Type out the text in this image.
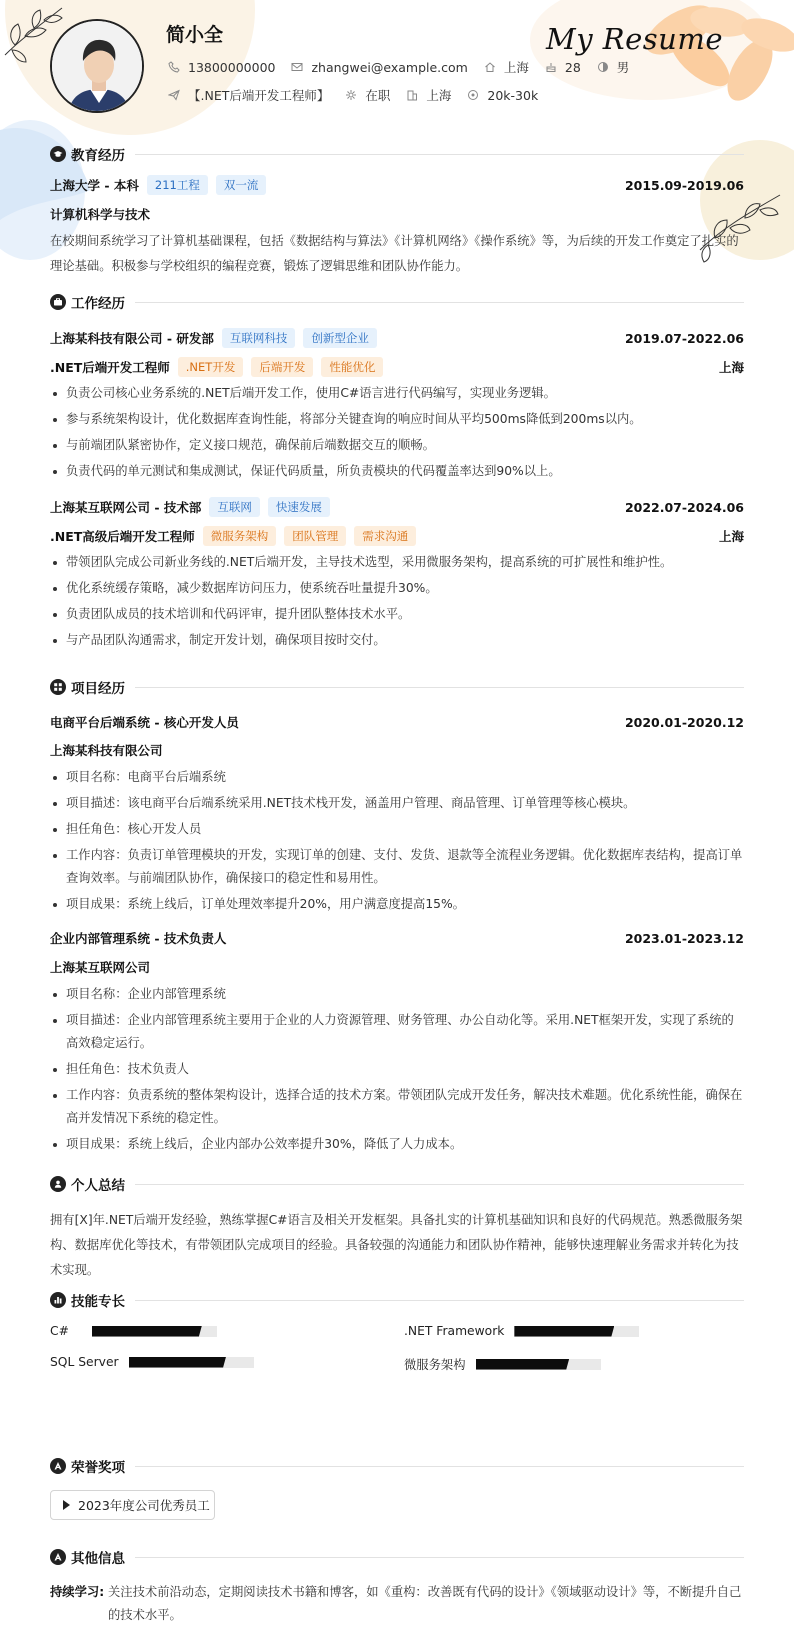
简小全	My Resume
13800000000	zhangwei@example.com	上海	28	男
【.NET后端开发工程师】	在职	上海	20k-30k
教育经历
上海大学 - 本科	211工程	双一流	2015.09-2019.06
计算机科学与技术
在校期间系统学习了计算机基础课程，包括《数据结构与算法》《计算机网络》《操作系统》等，为后续的开发工作奠定了扎实的理论基础。积极参与学校组织的编程竞赛，锻炼了逻辑思维和团队协作能力。
工作经历
上海某科技有限公司 - 研发部	互联网科技	创新型企业	2019.07-2022.06
.NET后端开发工程师	.NET开发	后端开发	性能优化	上海
负责公司核心业务系统的.NET后端开发工作，使用C#语言进行代码编写，实现业务逻辑。
参与系统架构设计，优化数据库查询性能，将部分关键查询的响应时间从平均500ms降低到200ms以内。
与前端团队紧密协作，定义接口规范，确保前后端数据交互的顺畅。
负责代码的单元测试和集成测试，保证代码质量，所负责模块的代码覆盖率达到90%以上。
上海某互联网公司 - 技术部	互联网	快速发展	2022.07-2024.06
.NET高级后端开发工程师	微服务架构	团队管理	需求沟通	上海
带领团队完成公司新业务线的.NET后端开发，主导技术选型，采用微服务架构，提高系统的可扩展性和维护性。
优化系统缓存策略，减少数据库访问压力，使系统吞吐量提升30%。
负责团队成员的技术培训和代码评审，提升团队整体技术水平。
与产品团队沟通需求，制定开发计划，确保项目按时交付。
项目经历
电商平台后端系统 - 核心开发人员	2020.01-2020.12
上海某科技有限公司
项目名称：电商平台后端系统
项目描述：该电商平台后端系统采用.NET技术栈开发，涵盖用户管理、商品管理、订单管理等核心模块。
担任角色：核心开发人员
工作内容：负责订单管理模块的开发，实现订单的创建、支付、发货、退款等全流程业务逻辑。优化数据库表结构，提高订单查询效率。与前端团队协作，确保接口的稳定性和易用性。
项目成果：系统上线后，订单处理效率提升20%，用户满意度提高15%。
企业内部管理系统 - 技术负责人	2023.01-2023.12
上海某互联网公司
项目名称：企业内部管理系统
项目描述：企业内部管理系统主要用于企业的人力资源管理、财务管理、办公自动化等。采用.NET框架开发，实现了系统的高效稳定运行。
担任角色：技术负责人
工作内容：负责系统的整体架构设计，选择合适的技术方案。带领团队完成开发任务，解决技术难题。优化系统性能，确保在高并发情况下系统的稳定性。
项目成果：系统上线后，企业内部办公效率提升30%，降低了人力成本。
个人总结
拥有[X]年.NET后端开发经验，熟练掌握C#语言及相关开发框架。具备扎实的计算机基础知识和良好的代码规范。熟悉微服务架构、数据库优化等技术，有带领团队完成项目的经验。具备较强的沟通能力和团队协作精神，能够快速理解业务需求并转化为技术实现。
技能专长
C#	.NET Framework
SQL Server	微服务架构
荣誉奖项
2023年度公司优秀员工
其他信息
持续学习: 关注技术前沿动态，定期阅读技术书籍和博客，如《重构：改善既有代码的设计》《领域驱动设计》等，不断提升自己的技术水平。
